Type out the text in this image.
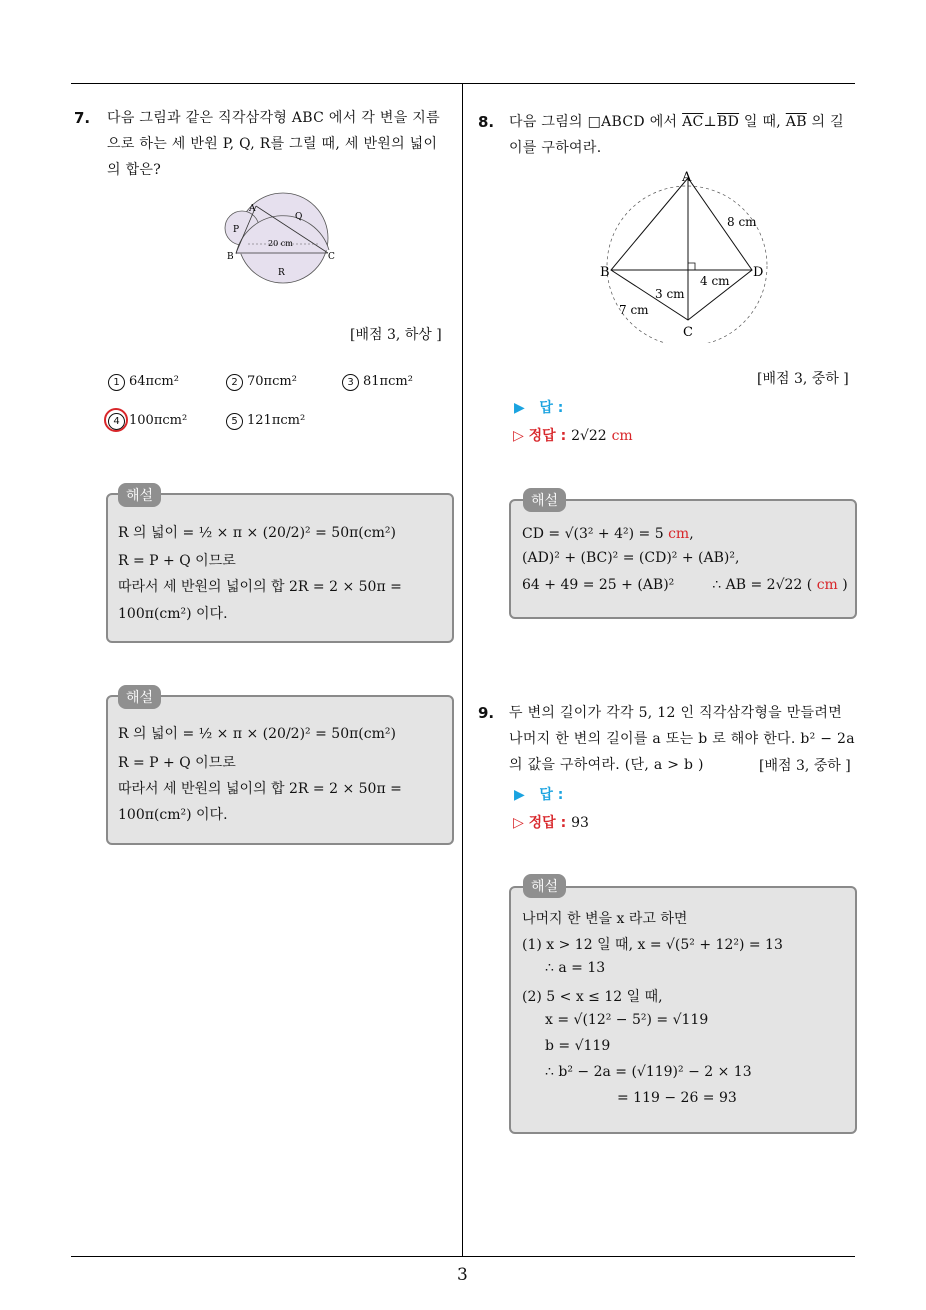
7. 다음 그림과 같은 직각삼각형 ABC 에서 각 변을 지름
으로 하는 세 반원 P, Q, R를 그릴 때, 세 반원의 넓이
의 합은?
A
B	C
P
Q
R
20 cm
[배점 3, 하상 ]
1 64πcm²	2 70πcm²	3 81πcm²
4 100πcm²	5 121πcm²
해설
R 의 넓이 = ½ × π × (20/2)² = 50π(cm²)
R = P + Q 이므로
따라서 세 반원의 넓이의 합 2R = 2 × 50π =
100π(cm²) 이다.
해설
R 의 넓이 = ½ × π × (20/2)² = 50π(cm²)
R = P + Q 이므로
따라서 세 반원의 넓이의 합 2R = 2 × 50π =
100π(cm²) 이다.
8. 다음 그림의 □ABCD 에서 $\overline{AC}\perp\overline{BD}$ 일 때, $\overline{AB}$ 의 길
이를 구하여라.
A
B
C
D
8 cm
4 cm
3 cm
7 cm
[배점 3, 중하 ]
▶ 답 :
▷ 정답 : 2√22 cm
해설
CD = √(3² + 4²) = 5 cm,
(AD)² + (BC)² = (CD)² + (AB)²,
64 + 49 = 25 + (AB)²	∴ AB = 2√22 ( cm )
9. 두 변의 길이가 각각 5, 12 인 직각삼각형을 만들려면
나머지 한 변의 길이를 a 또는 b 로 해야 한다. b² − 2a
의 값을 구하여라. (단, a > b )	[배점 3, 중하 ]
▶ 답 :
▷ 정답 : 93
해설
나머지 한 변을 x 라고 하면
(1) x > 12 일 때, x = √(5² + 12²) = 13
∴ a = 13
(2) 5 < x ≤ 12 일 때,
x = √(12² − 5²) = √119
b = √119
∴ b² − 2a = (√119)² − 2 × 13
= 119 − 26 = 93
3
